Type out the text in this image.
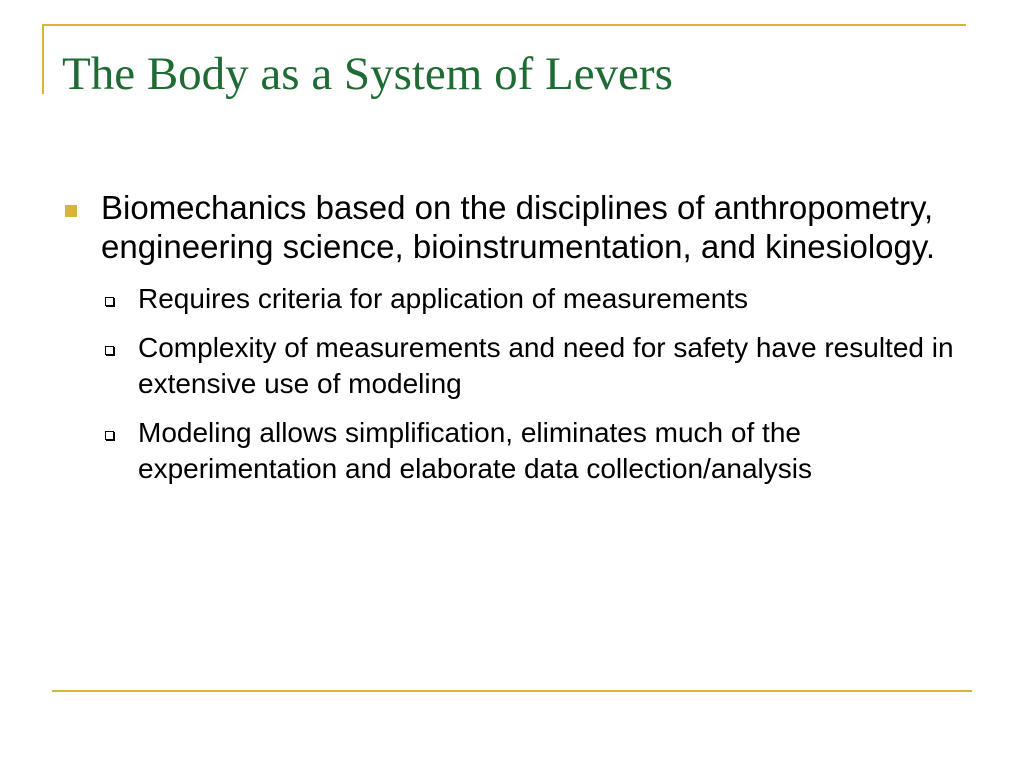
The Body as a System of Levers
Biomechanics based on the disciplines of anthropometry, engineering science, bioinstrumentation, and kinesiology.
Requires criteria for application of measurements
Complexity of measurements and need for safety have resulted in extensive use of modeling
Modeling allows simplification, eliminates much of the experimentation and elaborate data collection/analysis
